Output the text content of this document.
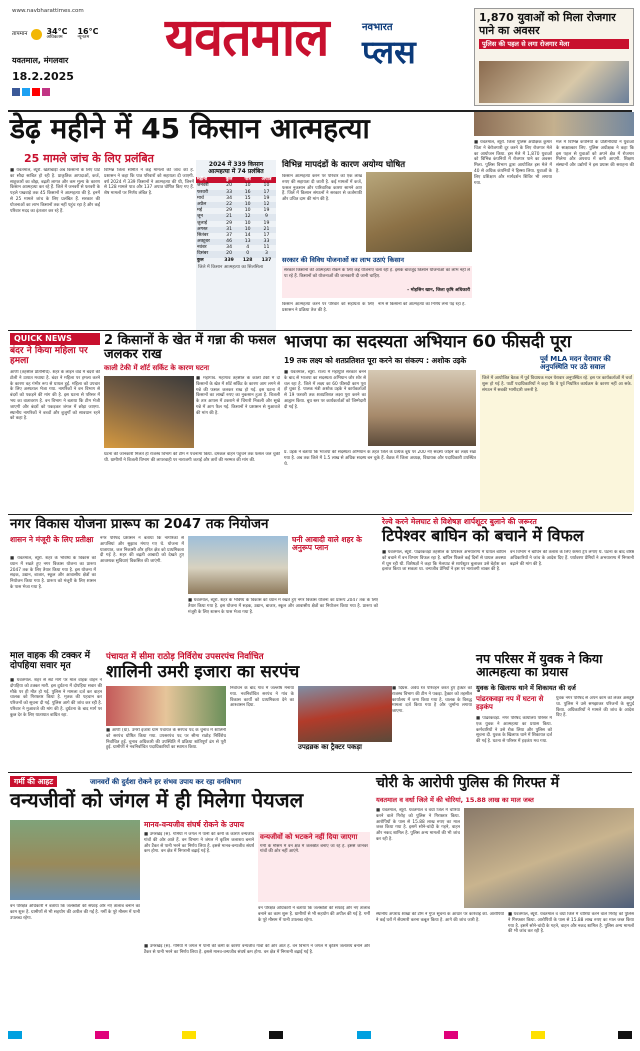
www.navbharattimes.com
तापमान 34°C
अधिकतम
16°C
न्यूनतम
यवतमाल, मंगलवार
18.2.2025
यवतमाल	नवभारत
प्लस
1,870 युवाओं को मिला रोजगार पाने का अवसर
पुलिस की पहल से लगा रोजगार मेला
डेढ़ महीने में 45 किसान आत्महत्या
25 मामले जांच के लिए प्रलंबित
■ यवतमाल, ब्यूरो. खेतीबाड़ी अब किसानों के लिए घाटे का सौदा साबित हो रही है. प्राकृतिक आपदाओं, कर्ज, साहूकारों का बोझ, बढ़ती लागत और कम मूल्य के कारण किसान आत्महत्या कर रहे हैं. जिले में जनवरी से फरवरी के पहले पखवाड़े तक 45 किसानों ने आत्महत्या की है. इनमें से 25 मामले जांच के लिए प्रलंबित हैं. सरकार की योजनाओं का लाभ किसानों तक नहीं पहुंच रहा है और कई परिवार मदद का इंतजार कर रहे हैं.
विभिन्न जिला समिति ने कई मामलों की जांच की है. प्रशासन ने कहा कि पात्र परिवारों को सहायता दी जाएगी. वर्ष 2024 में 339 किसानों ने आत्महत्या की थी, जिनमें से 128 मामले पात्र और 137 अपात्र घोषित किए गए हैं. शेष मामलों पर निर्णय लंबित है.
2024 में 339 किसान आत्महत्या में 74 प्रलंबित
महीना	कुल	पात्र	अपात्र
जनवरी	20	10	10
फरवरी	33	16	17
मार्च	34	15	19
अप्रैल	22	10	12
मई	29	10	19
जून	21	12	9
जुलाई	29	10	19
अगस्त	31	10	21
सितंबर	37	14	17
अक्टूबर	46	13	33
नवंबर	34	4	11
दिसंबर	20	0	3
कुल	339	128	137
जिले में किसान आत्महत्या का सिलसिला
विभिन्न मापदंडों के कारण अयोग्य घोषित
किसान आत्महत्या करने पर परिवार को एक लाख रुपए की सहायता दी जाती है. कई मामलों में कर्ज, फसल नुकसान और पारिवारिक कारण सामने आए हैं. जिले में किसान संगठनों ने सरकार से कर्जमाफी और उचित दाम की मांग की है.
सरकार की विविध योजनाओं का लाभ उठाएं किसान
सरकार किसानों की आत्महत्या रोकने के लिए कई योजनाएं चला रही है. इसके बावजूद किसान योजनाओं का लाभ नहीं ले पा रहे हैं. किसानों को योजनाओं की जानकारी दी जानी चाहिए.
– मोहसिन खान, जिला कृषि अधिकारी
किसान आत्महत्या करने पर परिवार को सहायता के लिए प्रशासन ने प्रक्रिया तेज की है.
नाम से किसानों को आत्महत्या का निर्णय लेना पड़ रहा है.
■ यवतमाल, ब्यूरो. जिला पुलिस अधीक्षक कुमार चिंता ने बेरोजगारी दूर करने के लिए रोजगार मेले का आयोजन किया. इस मेले में 1,870 युवाओं को विभिन्न कंपनियों में रोजगार पाने का अवसर मिला. पुलिस विभाग द्वारा आयोजित इस मेले में 40 से अधिक कंपनियों ने हिस्सा लिया. युवाओं के लिए प्रशिक्षण और मार्गदर्शन शिविर भी लगाया गया.
मेले में विभिन्न कंपनियों के प्रतिनिधियों ने युवाओं के साक्षात्कार लिए. पुलिस अधीक्षक ने कहा कि इस पहल से युवाओं को अपने क्षेत्र में रोजगार मिलेगा और अपराध में कमी आएगी. शिक्षण संस्थानों और उद्योगों ने इस प्रयास की सराहना की है.
QUICK NEWS
बंदर ने किया महिला पर हमला
आर्णी (तहसील प्रतिनिधि). शहर के लाइन वार्ड में बंदरों की टोली ने उत्पात मचाया है. बंदर ने महिला पर हमला करने के कारण वह गंभीर रूप से घायल हुई. महिला को उपचार के लिए अस्पताल भेजा गया. नागरिकों ने वन विभाग से बंदरों को पकड़ने की मांग की है. इस घटना से परिसर में भय का वातावरण है. वन विभाग ने बताया कि टीम भेजी जाएगी और बंदरों को पकड़कर जंगल में छोड़ा जाएगा. स्थानीय नागरिकों ने बच्चों और बुजुर्गों को सावधान रहने को कहा है.
2 किसानों के खेत में गन्ना की फसल जलकर राख
काली टेकी में शॉर्ट सर्किट के कारण घटना
■ महागांव. महागांव तहसील के काली टेकी में दो किसानों के खेत में शॉर्ट सर्किट के कारण आग लगने से गन्ने की फसल जलकर राख हो गई. इस घटना में किसानों का लाखों रुपए का नुकसान हुआ है. बिजली के तार आपस में टकराने से चिंगारी निकली और सूखे गन्ने में आग फैल गई. किसानों ने प्रशासन से मुआवजे की मांग की है.
घटना की जानकारी मिलते ही राजस्व विभाग की टीम ने पंचनामा किया. दमकल वाहन पहुंचने तक फसल जल चुकी थी. ग्रामीणों ने बिजली विभाग की लापरवाही पर नाराजगी जताई और तारों की मरम्मत की मांग की.
भाजपा का सदस्यता अभियान 60 फीसदी पूरा
19 तक लक्ष्य को शतप्रतिशत पूरा करने का संकल्प : अशोक उइके
■ यवतमाल, ब्यूरो. राज्य में महायुति सरकार बनने के बाद से भाजपा का सदस्यता अभियान जोर शोर से चल रहा है. जिले में लक्ष्य का 60 फीसदी काम पूरा हो चुका है. पालक मंत्री अशोक उइके ने कार्यकर्ताओं से 19 फरवरी तक शतप्रतिशत लक्ष्य पूरा करने का आह्वान किया. बूथ स्तर पर कार्यकर्ताओं को जिम्मेदारी दी गई है.
प्र. उइके ने बताया कि भाजपा की सदस्यता अभियान के तहत जिले के प्रत्येक बूथ पर 200 नए सदस्य जोड़ने का लक्ष्य रखा गया है. अब तक जिले में 1.5 लाख से अधिक सदस्य बन चुके हैं. बैठक में जिला अध्यक्ष, विधायक और पदाधिकारी उपस्थित थे.
पूर्व MLA मदन येरावार की अनुपस्थिति पर उठे सवाल
जिले में आयोजित बैठक में पूर्व विधायक मदन येरावार अनुपस्थित रहे. इस पर कार्यकर्ताओं में चर्चा शुरू हो गई है. पार्टी पदाधिकारियों ने कहा कि वे पूर्व निर्धारित कार्यक्रम के कारण नहीं आ सके. संगठन में सबकी भागीदारी जरूरी है.
नगर विकास योजना प्रारूप का 2047 तक नियोजन
शासन ने मंजूरी के लिए प्रतीक्षा
■ यवतमाल, ब्यूरो. शहर के भविष्य के विकास को ध्यान में रखते हुए नगर विकास योजना का प्रारूप 2047 तक के लिए तैयार किया गया है. इस योजना में सड़क, उद्यान, बाजार, स्कूल और आवासीय क्षेत्रों का नियोजन किया गया है. प्रारूप को मंजूरी के लिए शासन के पास भेजा गया है.
नगर परिषद प्रशासन ने बताया कि नागरिकों से आपत्तियां और सुझाव मंगाए गए थे. योजना में यातायात, जल निकासी और हरित क्षेत्र को प्राथमिकता दी गई है. शहर की बढ़ती आबादी को देखते हुए आवश्यक सुविधाएं विकसित की जाएंगी.
घनी आबादी वाले शहर के अनुरूप प्लान
■ यवतमाल, ब्यूरो. शहर के भविष्य के विकास को ध्यान में रखते हुए नगर विकास योजना का प्रारूप 2047 तक के लिए तैयार किया गया है. इस योजना में सड़क, उद्यान, बाजार, स्कूल और आवासीय क्षेत्रों का नियोजन किया गया है. प्रारूप को मंजूरी के लिए शासन के पास भेजा गया है.
रेल्वे करने मेलघाट से विशेषज्ञ शार्पशूटर बुलाने की जरूरत
टिपेश्वर बाघिन को बचाने में विफल
■ यवतमाल, ब्यूरो. पांढरकवड़ा तहसील के टिपेश्वर अभयारण्य में घायल बाघिन को बचाने में वन विभाग विफल रहा है. बाघिन पिछले कई दिनों से घायल अवस्था में घूम रही थी. विशेषज्ञों ने कहा कि मेलघाट से शार्पशूटर बुलाकर उसे बेहोश कर इलाज किया जा सकता था. वन्यजीव प्रेमियों ने इस पर नाराजगी व्यक्त की है.
वन विभाग ने बाघिन की तलाश के लिए कैमरा ट्रैप लगाए थे. घटना के बाद वरिष्ठ अधिकारियों ने जांच के आदेश दिए हैं. पर्यावरण प्रेमियों ने अभयारण्य में निगरानी बढ़ाने की मांग की है.
माल वाहक की टक्कर में दोपहिया सवार मृत
■ यवतमाल. शहर से सटे मार्ग पर माल वाहक वाहन ने दोपहिया को टक्कर मारी. इस दुर्घटना में दोपहिया सवार की मौके पर ही मौत हो गई. पुलिस ने मामला दर्ज कर वाहन चालक को गिरफ्तार किया है. मृतक की पहचान कर परिजनों को सूचना दी गई. पुलिस आगे की जांच कर रही है. परिवार ने मुआवजे की मांग की है. दुर्घटना के बाद मार्ग पर कुछ देर के लिए यातायात बाधित रहा.
पंचायत में सीमा राठोड़ निर्विरोध उपसरपंच निर्वाचित
शालिनी उमरी इजारा का सरपंच
■ आर्णी (ग्रा). उमरी इजारा ग्राम पंचायत के सरपंच पद के चुनाव में शालिनी को सरपंच घोषित किया गया. उपसरपंच पद पर सीमा राठोड़ निर्विरोध निर्वाचित हुईं. चुनाव अधिकारी की उपस्थिति में प्रक्रिया शांतिपूर्ण ढंग से पूरी हुई. ग्रामीणों ने नवनिर्वाचित पदाधिकारियों का स्वागत किया.
निर्वाचन के बाद गांव में जल्लोष मनाया गया. नवनिर्वाचित सरपंच ने गांव के विकास कार्यों को प्राथमिकता देने का आश्वासन दिया.
उपद्रव्रक का ट्रैक्टर पकड़ा
■ दिग्रस. अवैध रेत परिवहन करते हुए ट्रैक्टर को राजस्व विभाग की टीम ने पकड़ा. ट्रैक्टर को तहसील कार्यालय में जमा किया गया है. चालक के विरुद्ध मामला दर्ज किया गया है और जुर्माना लगाया जाएगा.
नप परिसर में युवक ने किया आत्महत्या का प्रयास
युवक के खिलाफ थाने में शिकायत की दर्ज
पांढरकवड़ा नप में घटना से हड़कंप
■ पांढरकवड़ा. नगर परिषद कार्यालय परिसर में एक युवक ने आत्महत्या का प्रयास किया. कर्मचारियों ने उसे रोक लिया और पुलिस को सूचना दी. युवक के खिलाफ थाने में शिकायत दर्ज की गई है. घटना से परिसर में हड़कंप मच गया.
युवक नगर परिषद से अपने काम को लेकर असंतुष्ट था. पुलिस ने उसे समझाकर परिजनों के सुपुर्द किया. अधिकारियों ने मामले की जांच के आदेश दिए हैं.
गर्मी की आहट	जानवरों की दुर्दशा रोकने हर संभव उपाय कर रहा वनविभाग
वन्यजीवों को जंगल में ही मिलेगा पेयजल
मानव-वन्यजीव संघर्ष रोकने के उपाय
■ उमरखेड़ (सं). गर्मियों में जंगल में पानी की कमी के कारण वन्यजीव गांवों की ओर आते हैं. वन विभाग ने जंगल में कृत्रिम जलाशय बनाने और टैंकर से पानी भरने का निर्णय लिया है. इससे मानव-वन्यजीव संघर्ष कम होगा. वन क्षेत्र में निगरानी बढ़ाई गई है.
वन्यजीवों को भटकने नहीं दिया जाएगा
गर्मी के मौसम में वन क्षेत्र में जलस्रोत बनाए जा रहे हैं. इससे जानवर गांवों की ओर नहीं आएंगे.
वन परिक्षेत्र अधिकारी ने बताया कि जलस्रोतों की सफाई और नए तालाब बनाने का काम शुरू है. ग्रामीणों से भी सहयोग की अपील की गई है. गर्मी के पूरे मौसम में पानी उपलब्ध रहेगा.
■ उमरखेड़ (सं). गर्मियों में जंगल में पानी की कमी के कारण वन्यजीव गांवों की ओर आते हैं. वन विभाग ने जंगल में कृत्रिम जलाशय बनाने और टैंकर से पानी भरने का निर्णय लिया है. इससे मानव-वन्यजीव संघर्ष कम होगा. वन क्षेत्र में निगरानी बढ़ाई गई है.
वन परिक्षेत्र अधिकारी ने बताया कि जलस्रोतों की सफाई और नए तालाब बनाने का काम शुरू है. ग्रामीणों से भी सहयोग की अपील की गई है. गर्मी के पूरे मौसम में पानी उपलब्ध रहेगा.
चोरी के आरोपी पुलिस की गिरफ्त में
यवतमाल व वर्धा जिले में की चोरियां, 15.88 लाख का माल जब्त
■ यवतमाल, ब्यूरो. यवतमाल व वर्धा जिले में चोरियां करने वाले गिरोह को पुलिस ने गिरफ्तार किया. आरोपियों के पास से 15.88 लाख रुपए का माल जब्त किया गया है. इसमें सोने-चांदी के गहने, वाहन और नकद शामिल है. पुलिस अन्य मामलों की भी जांच कर रही है.
स्थानीय अपराध शाखा की टीम ने गुप्त सूचना के आधार पर कार्रवाई की. आरोपियों ने कई घरों में सेंधमारी करना कबूल किया है. आगे की जांच जारी है.
■ यवतमाल, ब्यूरो. यवतमाल व वर्धा जिले में चोरियां करने वाले गिरोह को पुलिस ने गिरफ्तार किया. आरोपियों के पास से 15.88 लाख रुपए का माल जब्त किया गया है. इसमें सोने-चांदी के गहने, वाहन और नकद शामिल है. पुलिस अन्य मामलों की भी जांच कर रही है.
